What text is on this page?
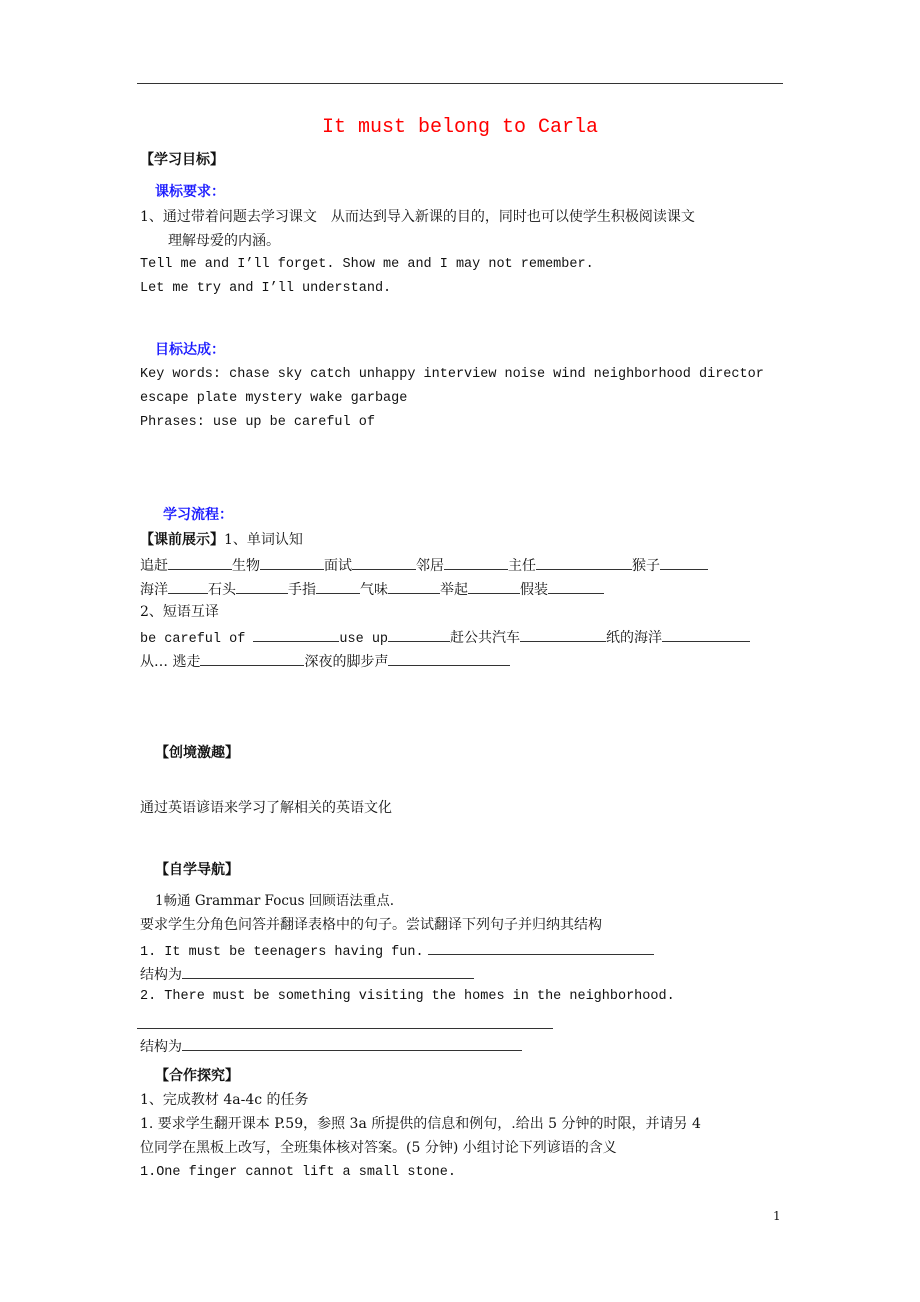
It must belong to Carla
【学习目标】
课标要求：
1、通过带着问题去学习课文　从而达到导入新课的目的，同时也可以使学生积极阅读课文
理解母爱的内涵。
Tell me and I’ll forget. Show me and I may not remember.
Let me try and I’ll understand.
目标达成：
Key words: chase sky catch unhappy interview noise wind neighborhood director
escape plate mystery wake garbage
Phrases: use up be careful of
学习流程：
【课前展示】1、单词认知
追赶	生物	面试	邻居	主任	猴子
海洋	石头	手指	气味	举起	假装
2、短语互译
be careful of	use up	赶公共汽车	纸的海洋
从… 逃走	深夜的脚步声
【创境激趣】
通过英语谚语来学习了解相关的英语文化
【自学导航】
1畅通 Grammar Focus 回顾语法重点.
要求学生分角色问答并翻译表格中的句子。尝试翻译下列句子并归纳其结构
1. It must be teenagers having fun.
结构为
2. There must be something visiting the homes in the neighborhood.
结构为
【合作探究】
1、完成教材 4a-4c 的任务
1. 要求学生翻开课本 P.59，参照 3a 所提供的信息和例句，.给出 5 分钟的时限，并请另 4
位同学在黑板上改写，全班集体核对答案。(5 分钟) 小组讨论下列谚语的含义
1.One finger cannot lift a small stone.
1
